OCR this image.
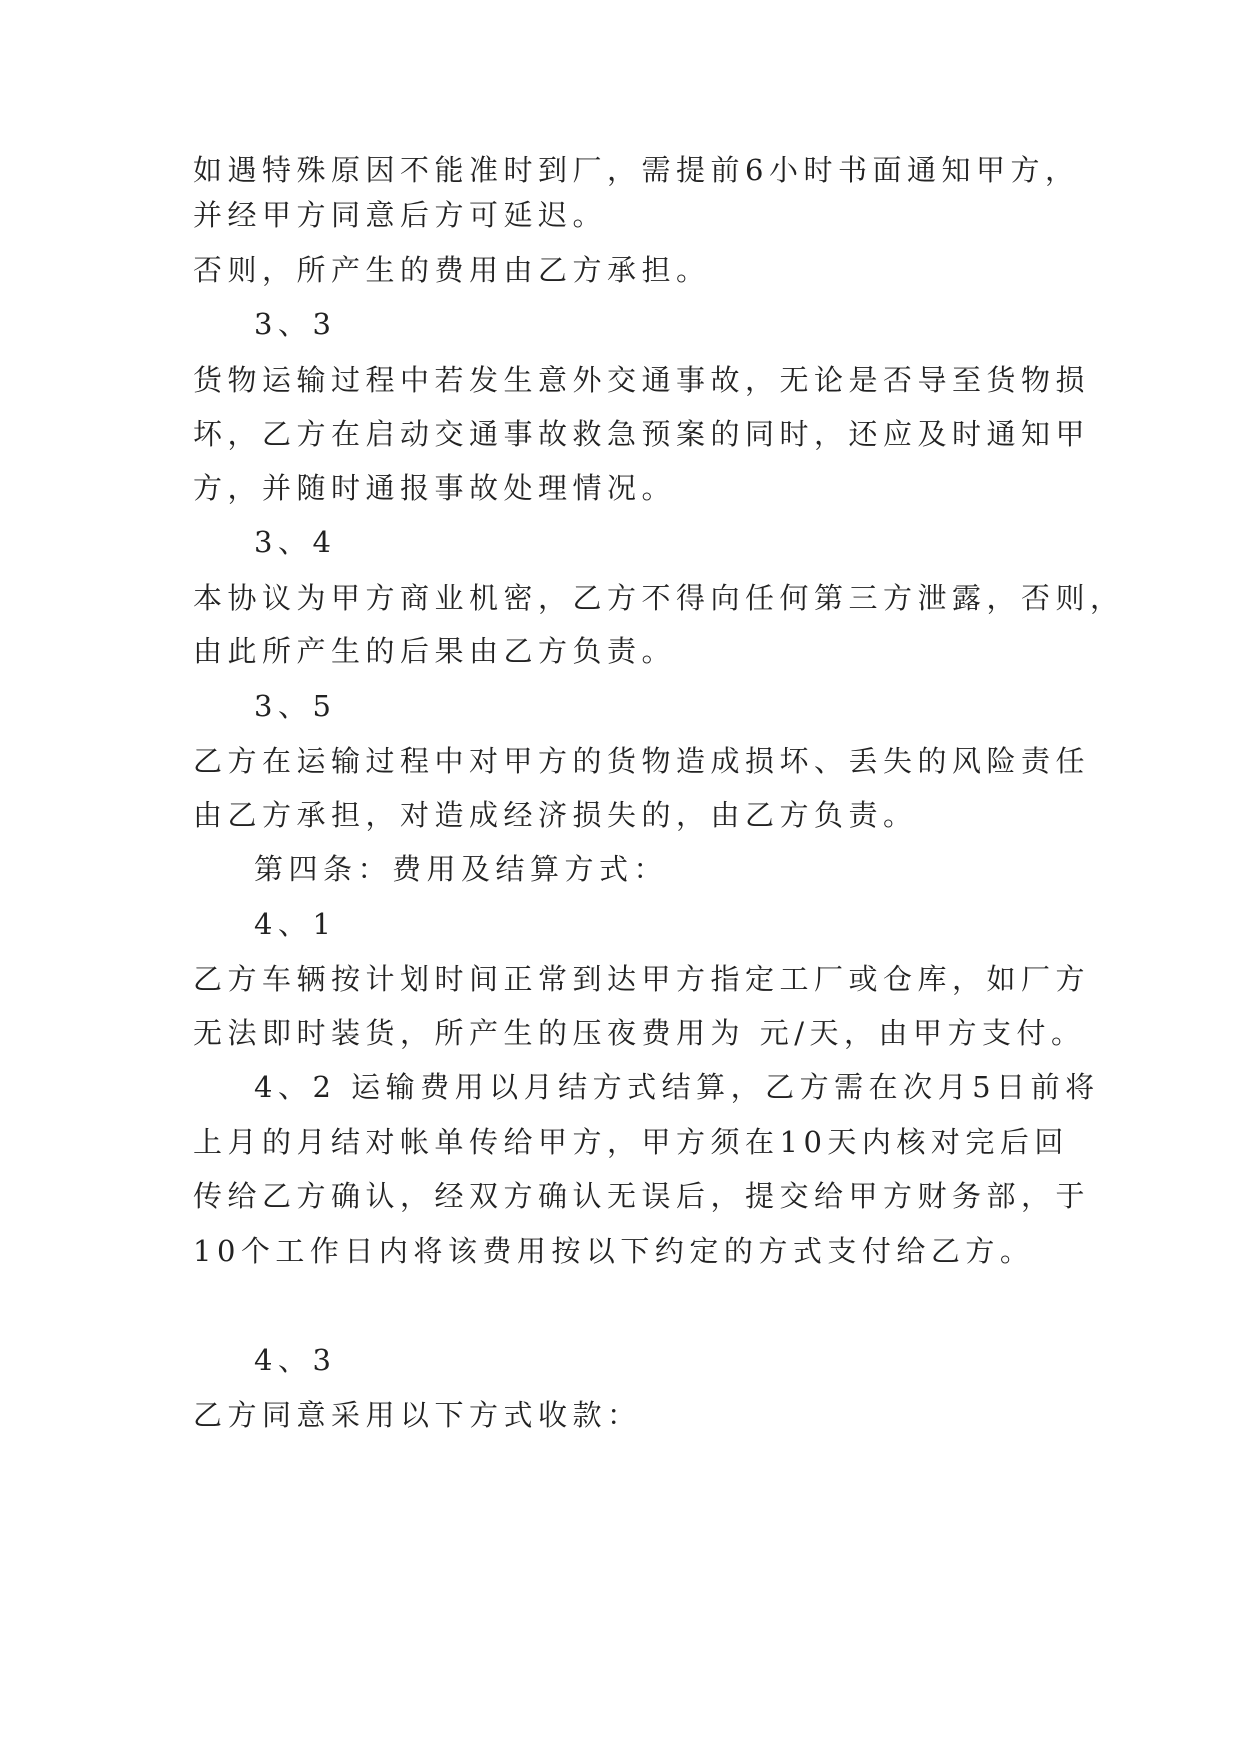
如遇特殊原因不能准时到厂，需提前6小时书面通知甲方，

并经甲方同意后方可延迟。

否则，所产生的费用由乙方承担。

3、3

货物运输过程中若发生意外交通事故，无论是否导至货物损

坏，乙方在启动交通事故救急预案的同时，还应及时通知甲

方，并随时通报事故处理情况。

3、4

本协议为甲方商业机密，乙方不得向任何第三方泄露，否则，

由此所产生的后果由乙方负责。

3、5

乙方在运输过程中对甲方的货物造成损坏、丢失的风险责任

由乙方承担，对造成经济损失的，由乙方负责。

第四条：费用及结算方式：

4、1

乙方车辆按计划时间正常到达甲方指定工厂或仓库，如厂方

无法即时装货，所产生的压夜费用为 元/天，由甲方支付。

4、2 运输费用以月结方式结算，乙方需在次月5日前将

上月的月结对帐单传给甲方，甲方须在10天内核对完后回

传给乙方确认，经双方确认无误后，提交给甲方财务部，于

10个工作日内将该费用按以下约定的方式支付给乙方。

4、3

乙方同意采用以下方式收款：
